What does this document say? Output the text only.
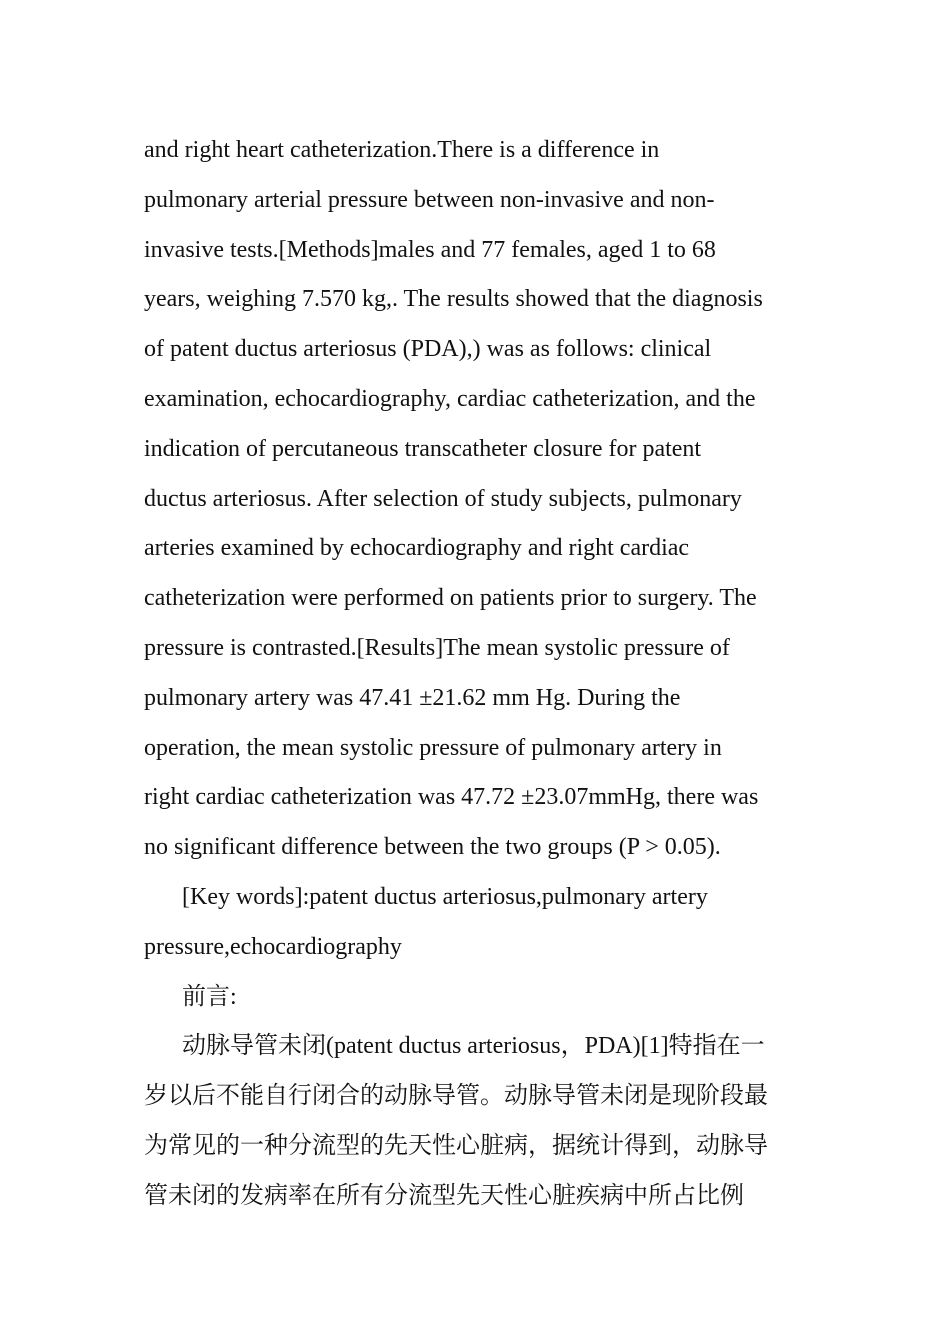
and right heart catheterization.There is a difference in
pulmonary arterial pressure between non-invasive and non-
invasive tests.[Methods]males and 77 females, aged 1 to 68
years, weighing 7.570 kg,. The results showed that the diagnosis
of patent ductus arteriosus (PDA),) was as follows: clinical
examination, echocardiography, cardiac catheterization, and the
indication of percutaneous transcatheter closure for patent
ductus arteriosus. After selection of study subjects, pulmonary
arteries examined by echocardiography and right cardiac
catheterization were performed on patients prior to surgery. The
pressure is contrasted.[Results]The mean systolic pressure of
pulmonary artery was 47.41 ±21.62 mm Hg. During the
operation, the mean systolic pressure of pulmonary artery in
right cardiac catheterization was 47.72 ±23.07mmHg, there was
no significant difference between the two groups (P > 0.05).
[Key words]:patent ductus arteriosus,pulmonary artery
pressure,echocardiography
前言:
动脉导管未闭(patent ductus arteriosus，PDA)[1]特指在一
岁以后不能自行闭合的动脉导管。动脉导管未闭是现阶段最
为常见的一种分流型的先天性心脏病，据统计得到，动脉导
管未闭的发病率在所有分流型先天性心脏疾病中所占比例
